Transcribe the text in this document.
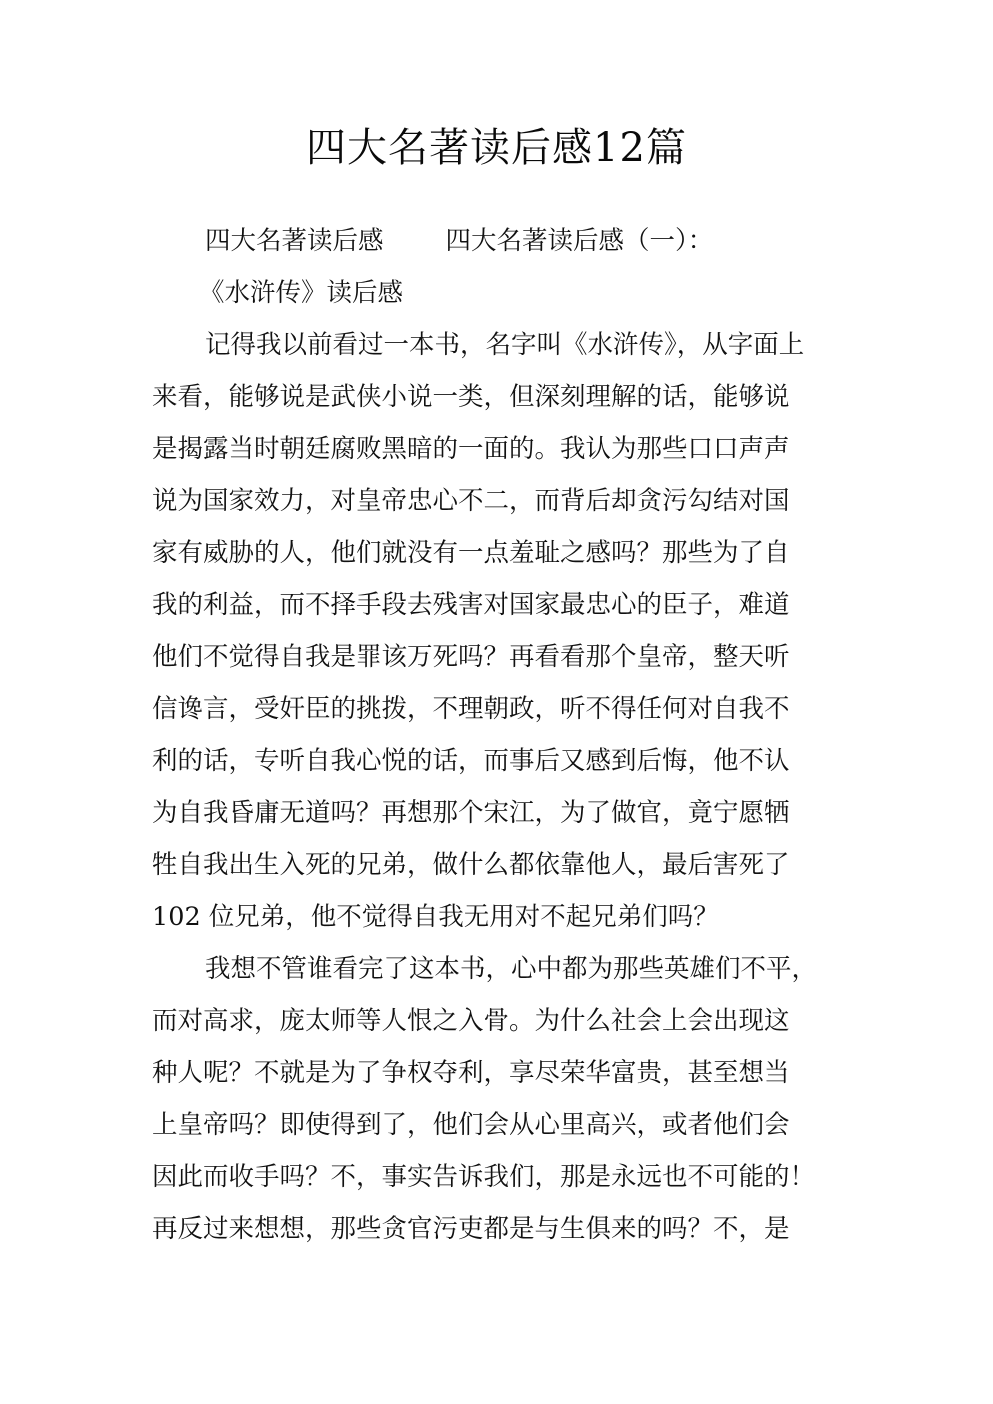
四大名著读后感12篇
四大名著读后感 四大名著读后感（一）：
《水浒传》读后感
记得我以前看过一本书，名字叫《水浒传》，从字面上
来看，能够说是武侠小说一类，但深刻理解的话，能够说
是揭露当时朝廷腐败黑暗的一面的。我认为那些口口声声
说为国家效力，对皇帝忠心不二，而背后却贪污勾结对国
家有威胁的人，他们就没有一点羞耻之感吗？那些为了自
我的利益，而不择手段去残害对国家最忠心的臣子，难道
他们不觉得自我是罪该万死吗？再看看那个皇帝，整天听
信谗言，受奸臣的挑拨，不理朝政，听不得任何对自我不
利的话，专听自我心悦的话，而事后又感到后悔，他不认
为自我昏庸无道吗？再想那个宋江，为了做官，竟宁愿牺
牲自我出生入死的兄弟，做什么都依靠他人，最后害死了
102 位兄弟，他不觉得自我无用对不起兄弟们吗？
我想不管谁看完了这本书，心中都为那些英雄们不平，
而对高求，庞太师等人恨之入骨。为什么社会上会出现这
种人呢？不就是为了争权夺利，享尽荣华富贵，甚至想当
上皇帝吗？即使得到了，他们会从心里高兴，或者他们会
因此而收手吗？不，事实告诉我们，那是永远也不可能的！
再反过来想想，那些贪官污吏都是与生俱来的吗？不，是
